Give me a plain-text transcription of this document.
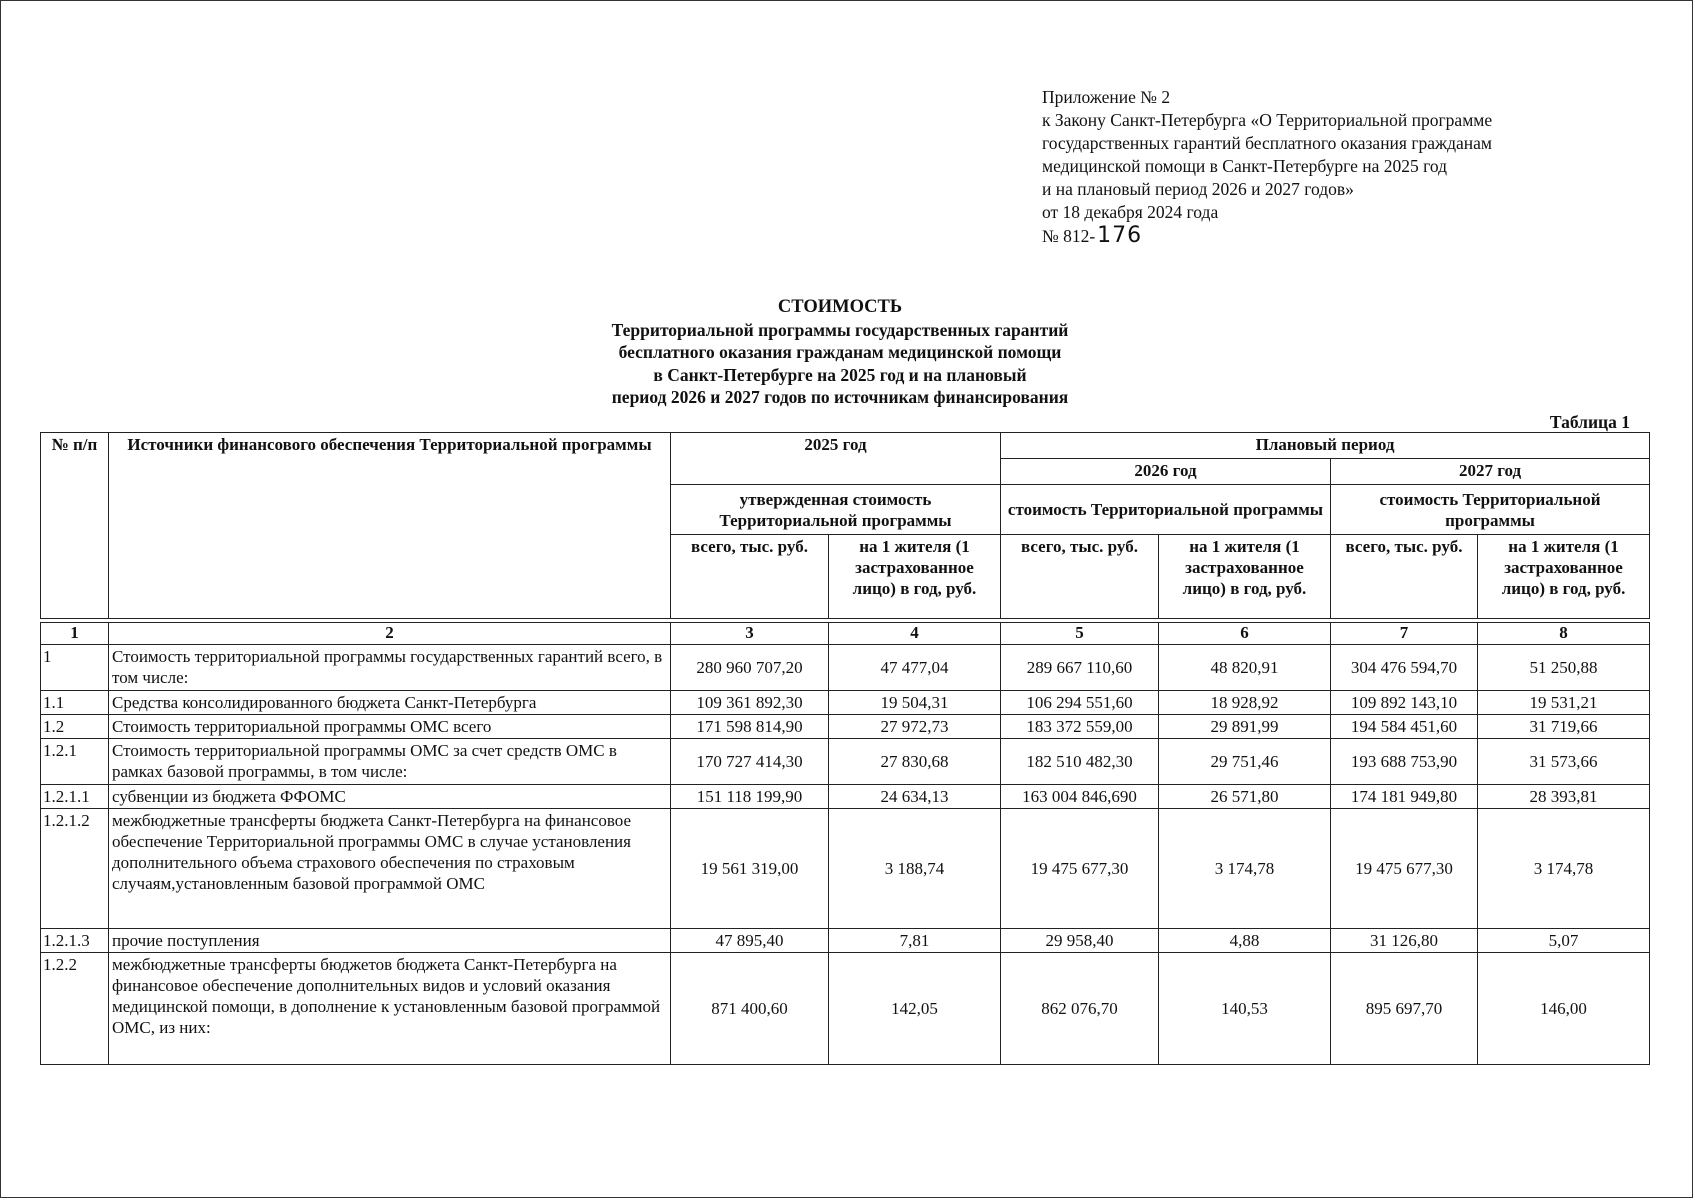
Приложение № 2
к Закону Санкт-Петербурга «О Территориальной программе
государственных гарантий бесплатного оказания гражданам
медицинской помощи в Санкт-Петербурге на 2025 год
и на плановый период 2026 и 2027 годов»
от 18 декабря 2024 года
№ 812-176
СТОИМОСТЬ
Территориальной программы государственных гарантий
бесплатного оказания гражданам медицинской помощи
в Санкт-Петербурге на 2025 год и на плановый
период 2026 и 2027 годов по источникам финансирования
Таблица 1
№ п/п	Источники финансового обеспечения Территориальной программы	2025 год		Плановый период			
				2026 год		2027 год	
		утвержденная стоимость Территориальной программы		стоимость Территориальной программы		стоимость Территориальной программы	
		всего, тыс. руб.	на 1 жителя (1 застрахованное лицо) в год, руб.	всего, тыс. руб.	на 1 жителя (1 застрахованное лицо) в год, руб.	всего, тыс. руб.	на 1 жителя (1 застрахованное лицо) в год, руб.

1	2	3	4	5	6	7	8
1	Стоимость территориальной программы государственных гарантий всего, в том числе:	280 960 707,20	47 477,04	289 667 110,60	48 820,91	304 476 594,70	51 250,88
1.1	Средства консолидированного бюджета Санкт-Петербурга	109 361 892,30	19 504,31	106 294 551,60	18 928,92	109 892 143,10	19 531,21
1.2	Стоимость территориальной программы ОМС всего	171 598 814,90	27 972,73	183 372 559,00	29 891,99	194 584 451,60	31 719,66
1.2.1	Стоимость территориальной программы ОМС за счет средств ОМС в рамках базовой программы, в том числе:	170 727 414,30	27 830,68	182 510 482,30	29 751,46	193 688 753,90	31 573,66
1.2.1.1	субвенции из бюджета ФФОМС	151 118 199,90	24 634,13	163 004 846,690	26 571,80	174 181 949,80	28 393,81
1.2.1.2	межбюджетные трансферты бюджета Санкт-Петербурга на финансовое обеспечение Территориальной программы ОМС в случае установления дополнительного объема страхового обеспечения по страховым случаям,установленным базовой программой ОМС	19 561 319,00	3 188,74	19 475 677,30	3 174,78	19 475 677,30	3 174,78
1.2.1.3	прочие поступления	47 895,40	7,81	29 958,40	4,88	31 126,80	5,07
1.2.2	межбюджетные трансферты бюджетов бюджета Санкт-Петербурга на финансовое обеспечение дополнительных видов и условий оказания медицинской помощи, в дополнение к установленным базовой программой ОМС, из них:	871 400,60	142,05	862 076,70	140,53	895 697,70	146,00
